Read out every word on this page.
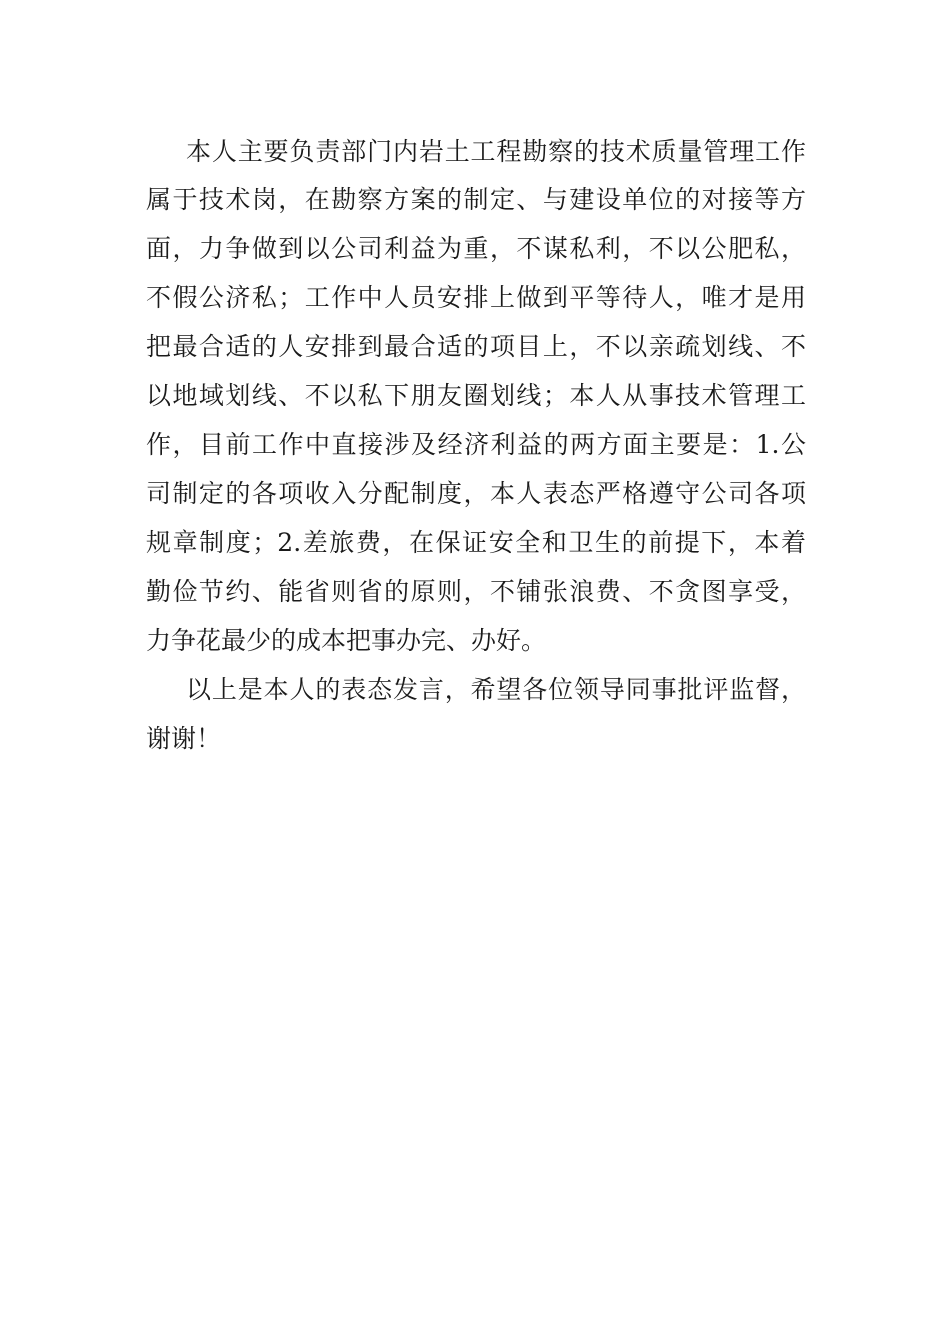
本人主要负责部门内岩土工程勘察的技术质量管理工作
属于技术岗，在勘察方案的制定、与建设单位的对接等方
面，力争做到以公司利益为重，不谋私利，不以公肥私，
不假公济私；工作中人员安排上做到平等待人，唯才是用
把最合适的人安排到最合适的项目上，不以亲疏划线、不
以地域划线、不以私下朋友圈划线；本人从事技术管理工
作，目前工作中直接涉及经济利益的两方面主要是：1.公
司制定的各项收入分配制度，本人表态严格遵守公司各项
规章制度；2.差旅费，在保证安全和卫生的前提下，本着
勤俭节约、能省则省的原则，不铺张浪费、不贪图享受，
力争花最少的成本把事办完、办好。
以上是本人的表态发言，希望各位领导同事批评监督，
谢谢！
